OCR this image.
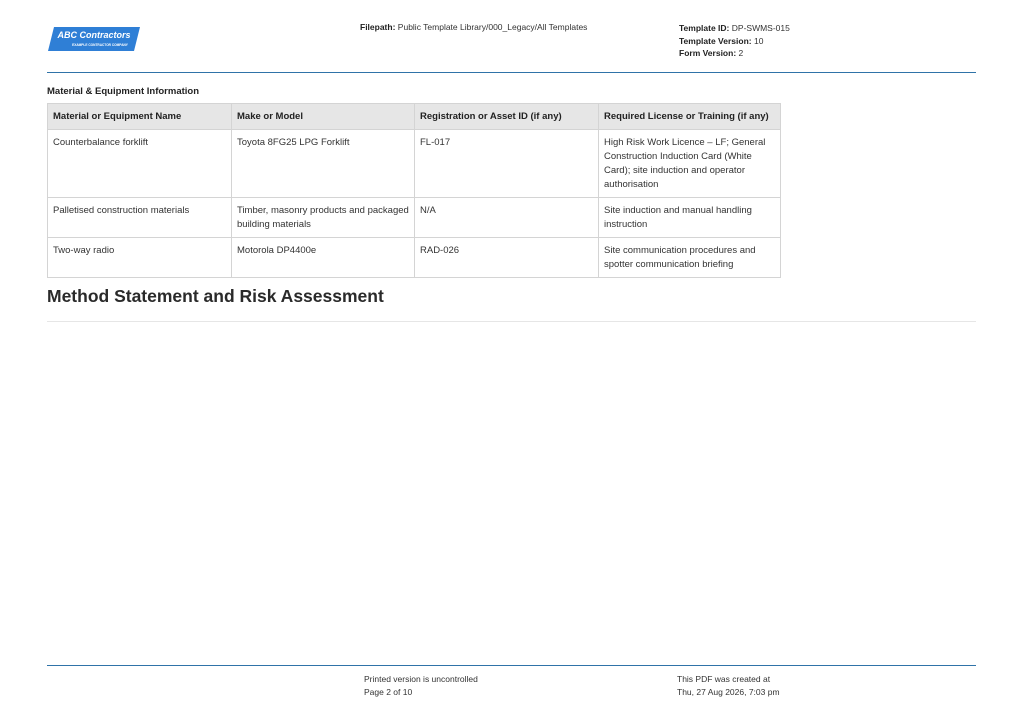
ABC Contractors
EXAMPLE CONTRACTOR COMPANY
Filepath: Public Template Library/000_Legacy/All Templates	Template ID: DP-SWMS-015
Template Version: 10
Form Version: 2
Material & Equipment Information
Material or Equipment Name	Make or Model	Registration or Asset ID (if any)	Required License or Training (if any)
Counterbalance forklift	Toyota 8FG25 LPG Forklift	FL-017	High Risk Work Licence – LF; General Construction Induction Card (White Card); site induction and operator authorisation
Palletised construction materials	Timber, masonry products and packaged building materials	N/A	Site induction and manual handling instruction
Two-way radio	Motorola DP4400e	RAD-026	Site communication procedures and spotter communication briefing
Method Statement and Risk Assessment
Printed version is uncontrolled
Page 2 of 10
This PDF was created at
Thu, 27 Aug 2026, 7:03 pm
